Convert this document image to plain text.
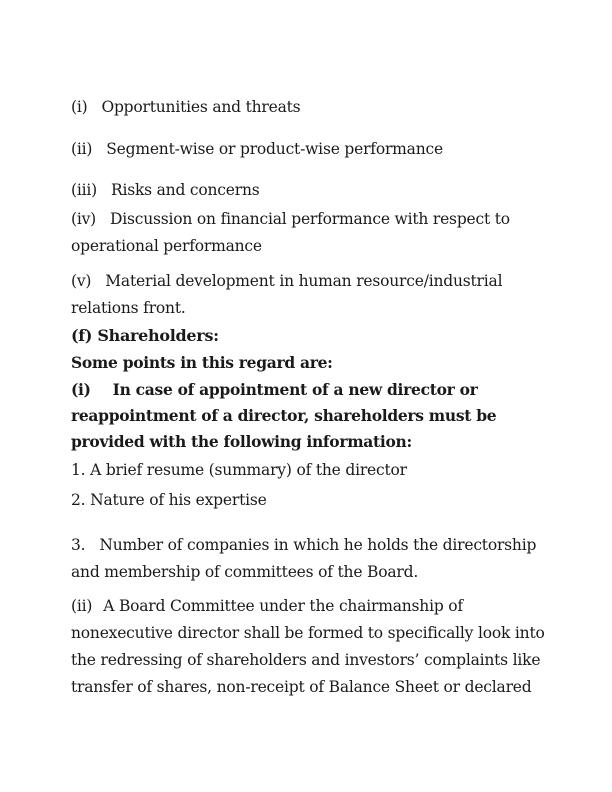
(i) Opportunities and threats
(ii) Segment-wise or product-wise performance
(iii) Risks and concerns
(iv) Discussion on financial performance with respect to
operational performance
(v) Material development in human resource/industrial
relations front.
(f) Shareholders:
Some points in this regard are:
(i) In case of appointment of a new director or
reappointment of a director, shareholders must be
provided with the following information:
1. A brief resume (summary) of the director
2. Nature of his expertise
3. Number of companies in which he holds the directorship
and membership of committees of the Board.
(ii) A Board Committee under the chairmanship of
nonexecutive director shall be formed to specifically look into
the redressing of shareholders and investors’ complaints like
transfer of shares, non-receipt of Balance Sheet or declared
